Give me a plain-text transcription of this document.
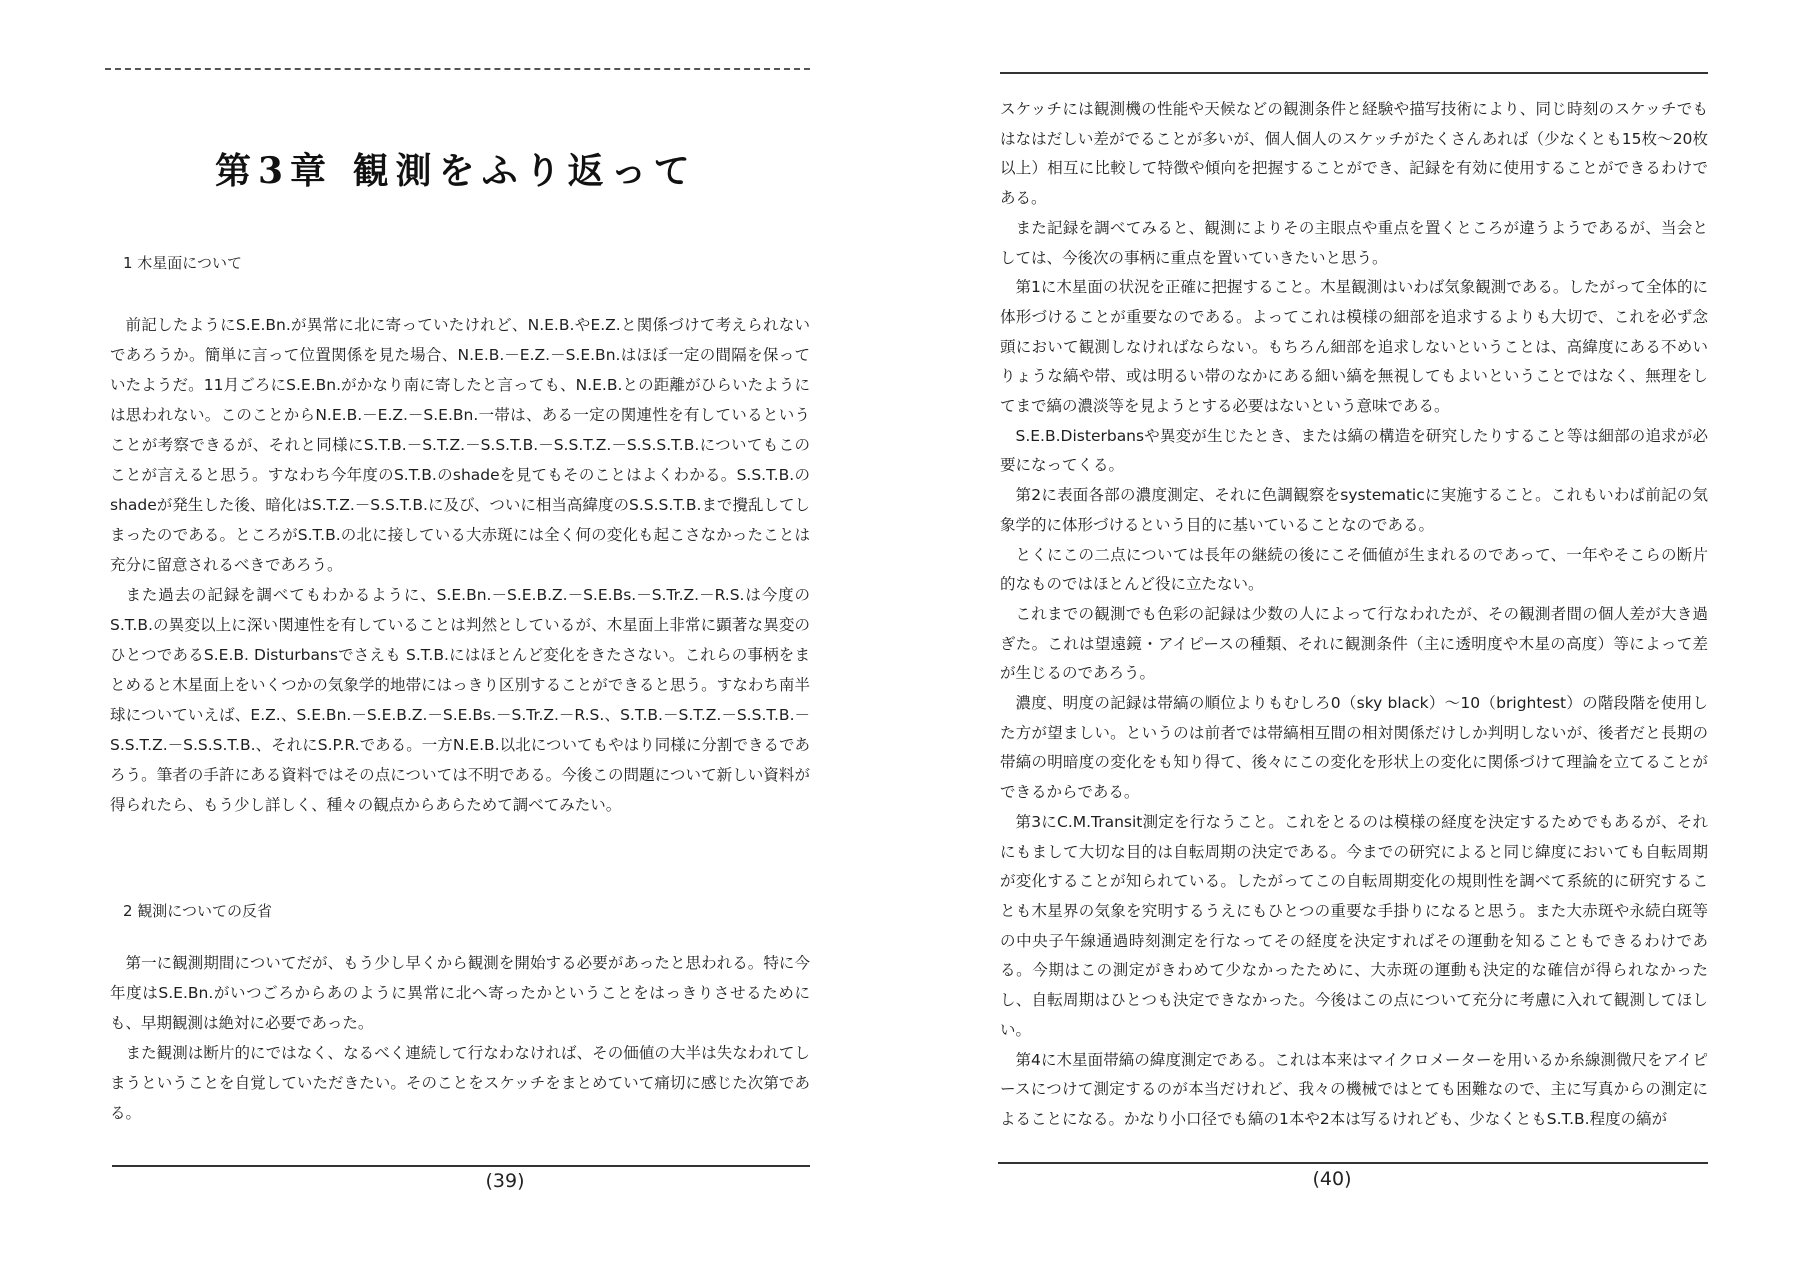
第3章 観測をふり返って
1 木星面について

前記したようにS.E.Bn.が異常に北に寄っていたけれど、N.E.B.やE.Z.と関係づけて考えられないであろうか。簡単に言って位置関係を見た場合、N.E.B.－E.Z.－S.E.Bn.はほぼ一定の間隔を保っていたようだ。11月ごろにS.E.Bn.がかなり南に寄したと言っても、N.E.B.との距離がひらいたようには思われない。このことからN.E.B.－E.Z.－S.E.Bn.一帯は、ある一定の関連性を有しているということが考察できるが、それと同様にS.T.B.－S.T.Z.－S.S.T.B.－S.S.T.Z.－S.S.S.T.B.についてもこのことが言えると思う。すなわち今年度のS.T.B.のshadeを見てもそのことはよくわかる。S.S.T.B.のshadeが発生した後、暗化はS.T.Z.－S.S.T.B.に及び、ついに相当高緯度のS.S.S.T.B.まで攪乱してしまったのである。ところがS.T.B.の北に接している大赤斑には全く何の変化も起こさなかったことは充分に留意されるべきであろう。

また過去の記録を調べてもわかるように、S.E.Bn.－S.E.B.Z.－S.E.Bs.－S.Tr.Z.－R.S.は今度のS.T.B.の異変以上に深い関連性を有していることは判然としているが、木星面上非常に顕著な異変のひとつであるS.E.B. Disturbansでさえも S.T.B.にはほとんど変化をきたさない。これらの事柄をまとめると木星面上をいくつかの気象学的地帯にはっきり区別することができると思う。すなわち南半球についていえば、E.Z.、S.E.Bn.－S.E.B.Z.－S.E.Bs.－S.Tr.Z.－R.S.、S.T.B.－S.T.Z.－S.S.T.B.－S.S.T.Z.－S.S.S.T.B.、それにS.P.R.である。一方N.E.B.以北についてもやはり同様に分割できるであろう。筆者の手許にある資料ではその点については不明である。今後この問題について新しい資料が得られたら、もう少し詳しく、種々の観点からあらためて調べてみたい。

2 観測についての反省

第一に観測期間についてだが、もう少し早くから観測を開始する必要があったと思われる。特に今年度はS.E.Bn.がいつごろからあのように異常に北へ寄ったかということをはっきりさせるためにも、早期観測は絶対に必要であった。

また観測は断片的にではなく、なるべく連続して行なわなければ、その価値の大半は失なわれてしまうということを自覚していただきたい。そのことをスケッチをまとめていて痛切に感じた次第である。

(39)

スケッチには観測機の性能や天候などの観測条件と経験や描写技術により、同じ時刻のスケッチでもはなはだしい差がでることが多いが、個人個人のスケッチがたくさんあれば（少なくとも15枚～20枚以上）相互に比較して特徴や傾向を把握することができ、記録を有効に使用することができるわけである。

また記録を調べてみると、観測によりその主眼点や重点を置くところが違うようであるが、当会としては、今後次の事柄に重点を置いていきたいと思う。

第1に木星面の状況を正確に把握すること。木星観測はいわば気象観測である。したがって全体的に体形づけることが重要なのである。よってこれは模様の細部を追求するよりも大切で、これを必ず念頭において観測しなければならない。もちろん細部を追求しないということは、高緯度にある不めいりょうな縞や帯、或は明るい帯のなかにある細い縞を無視してもよいということではなく、無理をしてまで縞の濃淡等を見ようとする必要はないという意味である。

S.E.B.Disterbansや異変が生じたとき、または縞の構造を研究したりすること等は細部の追求が必要になってくる。

第2に表面各部の濃度測定、それに色調観察をsystematicに実施すること。これもいわば前記の気象学的に体形づけるという目的に基いていることなのである。

とくにこの二点については長年の継続の後にこそ価値が生まれるのであって、一年やそこらの断片的なものではほとんど役に立たない。

これまでの観測でも色彩の記録は少数の人によって行なわれたが、その観測者間の個人差が大き過ぎた。これは望遠鏡・アイピースの種類、それに観測条件（主に透明度や木星の高度）等によって差が生じるのであろう。

濃度、明度の記録は帯縞の順位よりもむしろ0（sky black）～10（brightest）の階段階を使用した方が望ましい。というのは前者では帯縞相互間の相対関係だけしか判明しないが、後者だと長期の帯縞の明暗度の変化をも知り得て、後々にこの変化を形状上の変化に関係づけて理論を立てることができるからである。

第3にC.M.Transit測定を行なうこと。これをとるのは模様の経度を決定するためでもあるが、それにもまして大切な目的は自転周期の決定である。今までの研究によると同じ緯度においても自転周期が変化することが知られている。したがってこの自転周期変化の規則性を調べて系統的に研究することも木星界の気象を究明するうえにもひとつの重要な手掛りになると思う。また大赤斑や永続白斑等の中央子午線通過時刻測定を行なってその経度を決定すればその運動を知ることもできるわけである。今期はこの測定がきわめて少なかったために、大赤斑の運動も決定的な確信が得られなかったし、自転周期はひとつも決定できなかった。今後はこの点について充分に考慮に入れて観測してほしい。

第4に木星面帯縞の緯度測定である。これは本来はマイクロメーターを用いるか糸線測微尺をアイピースにつけて測定するのが本当だけれど、我々の機械ではとても困難なので、主に写真からの測定によることになる。かなり小口径でも縞の1本や2本は写るけれども、少なくともS.T.B.程度の縞が

(40)
